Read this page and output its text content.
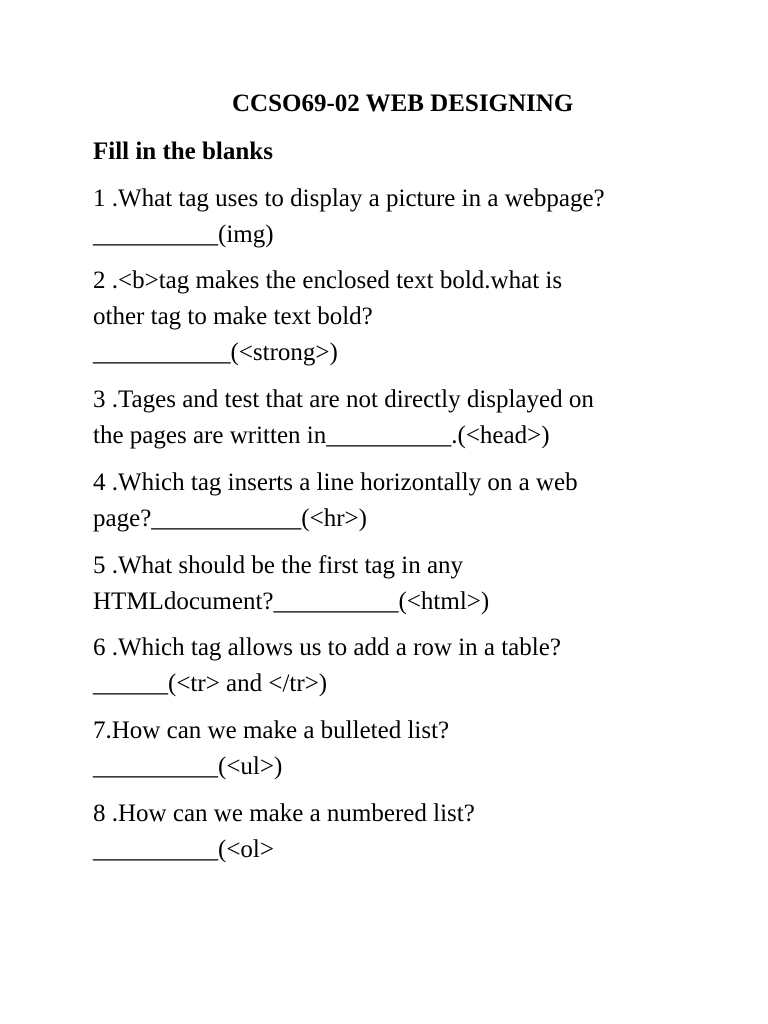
CCSO69-02 WEB DESIGNING
Fill in the blanks

1 .What tag uses to display a picture in a webpage?
__________(img)

2 .<b>tag makes the enclosed text bold.what is
other tag to make text bold?
___________(<strong>)

3 .Tages and test that are not directly displayed on
the pages are written in__________.(<head>)

4 .Which tag inserts a line horizontally on a web
page?____________(<hr>)

5 .What should be the first tag in any
HTMLdocument?__________(<html>)

6 .Which tag allows us to add a row in a table?
______(<tr> and </tr>)

7.How can we make a bulleted list?
__________(<ul>)

8 .How can we make a numbered list?
__________(<ol>
